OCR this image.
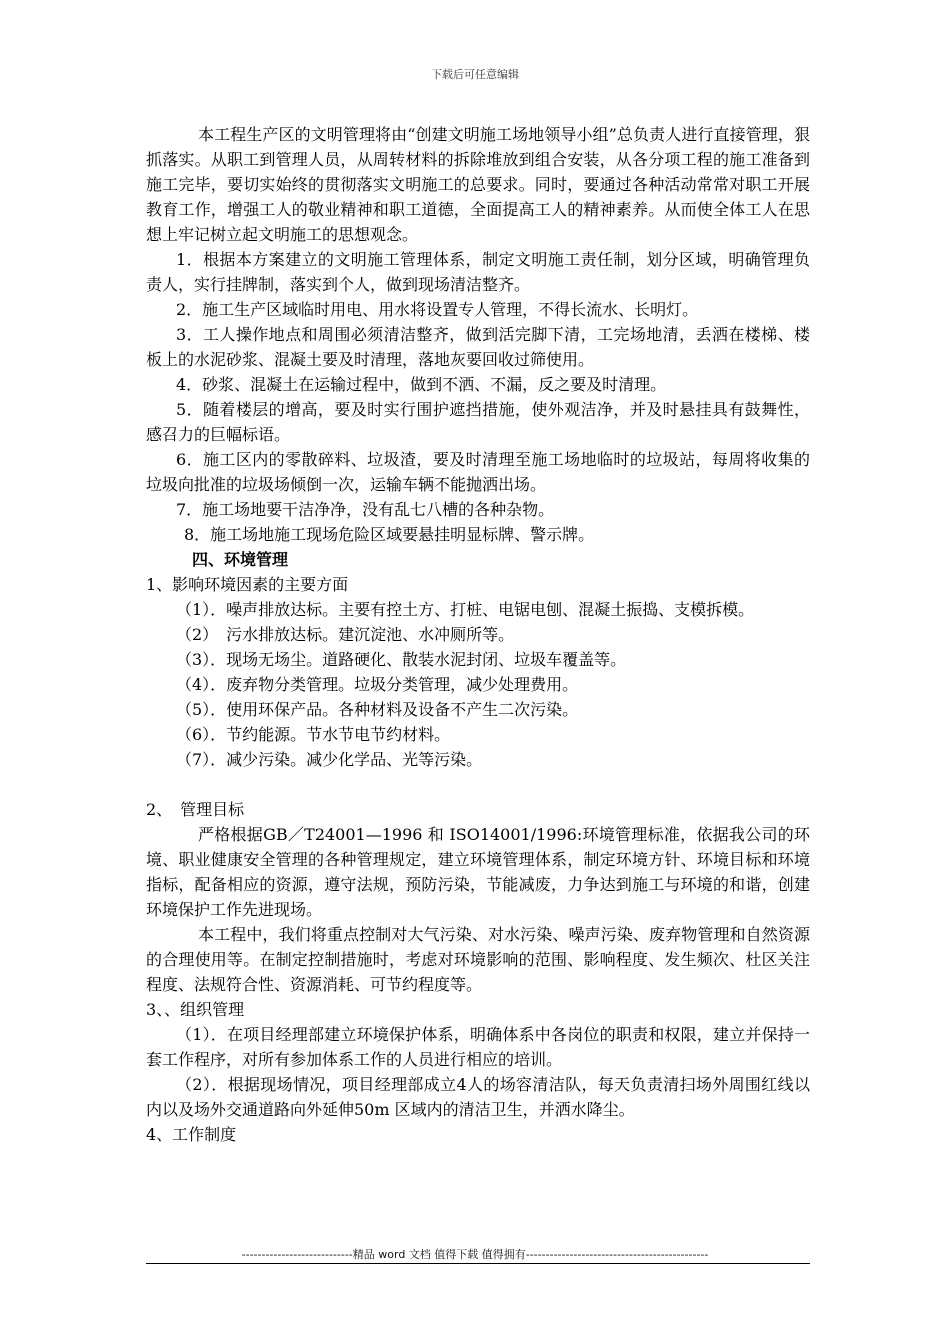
下载后可任意编辑

本工程生产区的文明管理将由“创建文明施工场地领导小组”总负责人进行直接管理，狠抓落实。从职工到管理人员，从周转材料的拆除堆放到组合安装，从各分项工程的施工准备到施工完毕，要切实始终的贯彻落实文明施工的总要求。同时，要通过各种活动常常对职工开展教育工作，增强工人的敬业精神和职工道德，全面提高工人的精神素养。从而使全体工人在思想上牢记树立起文明施工的思想观念。

1．根据本方案建立的文明施工管理体系，制定文明施工责任制，划分区域，明确管理负责人，实行挂牌制，落实到个人，做到现场清洁整齐。

2．施工生产区域临时用电、用水将设置专人管理，不得长流水、长明灯。

3．工人操作地点和周围必须清洁整齐，做到活完脚下清，工完场地清，丢洒在楼梯、楼板上的水泥砂浆、混凝土要及时清理，落地灰要回收过筛使用。

4．砂浆、混凝土在运输过程中，做到不洒、不漏，反之要及时清理。

5．随着楼层的增高，要及时实行围护遮挡措施，使外观洁净，并及时悬挂具有鼓舞性，感召力的巨幅标语。

6．施工区内的零散碎料、垃圾渣，要及时清理至施工场地临时的垃圾站，每周将收集的垃圾向批准的垃圾场倾倒一次，运输车辆不能抛洒出场。

7．施工场地要干洁净净，没有乱七八槽的各种杂物。

8．施工场地施工现场危险区域要悬挂明显标牌、警示牌。

四、环境管理

1、影响环境因素的主要方面

（1）．噪声排放达标。主要有控土方、打桩、电锯电刨、混凝土振捣、支模拆模。

（2）　污水排放达标。建沉淀池、水冲厕所等。

（3）．现场无场尘。道路硬化、散装水泥封闭、垃圾车覆盖等。

（4）．废弃物分类管理。垃圾分类管理，减少处理费用。

（5）．使用环保产品。各种材料及设备不产生二次污染。

（6）．节约能源。节水节电节约材料。

（7）．减少污染。减少化学品、光等污染。

2、　管理目标

严格根据GB／T24001—1996 和 ISO14001/1996:环境管理标准，依据我公司的环境、职业健康安全管理的各种管理规定，建立环境管理体系，制定环境方针、环境目标和环境指标，配备相应的资源，遵守法规，预防污染，节能减废，力争达到施工与环境的和谐，创建环境保护工作先进现场。

本工程中，我们将重点控制对大气污染、对水污染、噪声污染、废弃物管理和自然资源的合理使用等。在制定控制措施时，考虑对环境影响的范围、影响程度、发生频次、杜区关注程度、法规符合性、资源消耗、可节约程度等。

3、、组织管理

（1）．在项目经理部建立环境保护体系，明确体系中各岗位的职责和权限，建立并保持一套工作程序，对所有参加体系工作的人员进行相应的培训。

（2）．根据现场情况，项目经理部成立4人的场容清洁队，每天负责清扫场外周围红线以内以及场外交通道路向外延伸50m 区域内的清洁卫生，并洒水降尘。

4、工作制度

----------------------------精品 word 文档 值得下载 值得拥有----------------------------------------------
